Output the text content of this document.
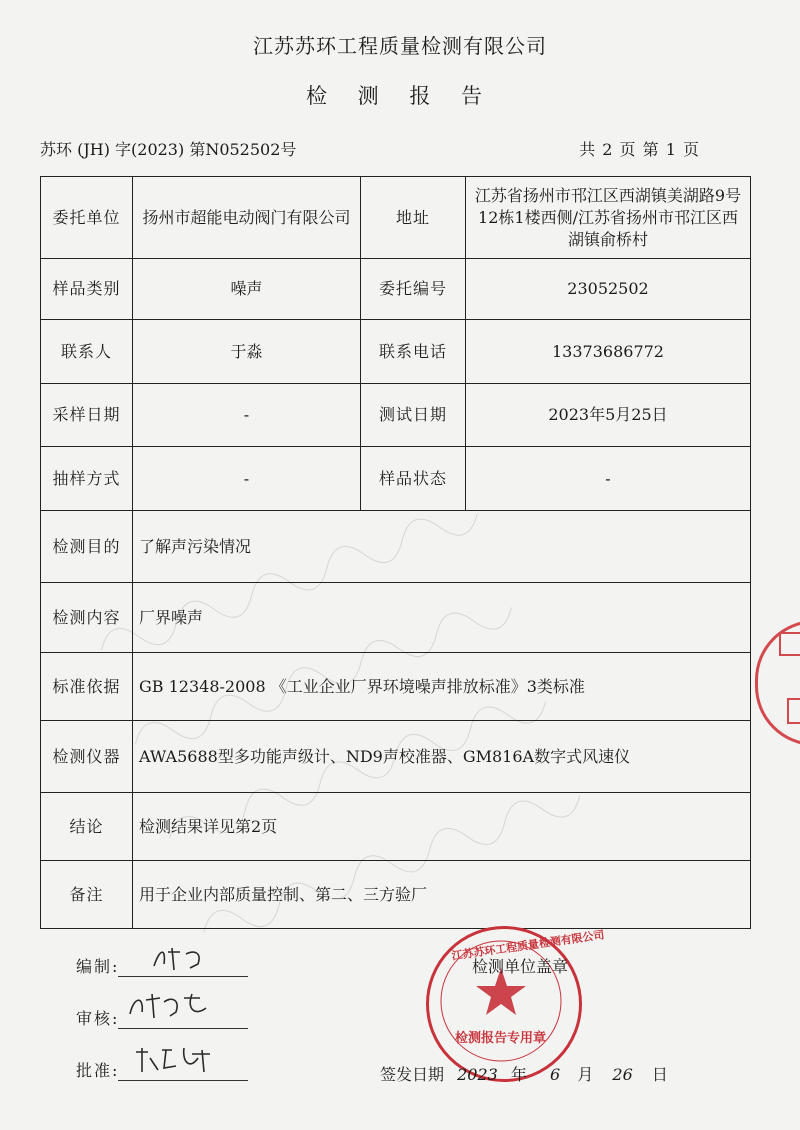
江苏苏环工程质量检测有限公司
检 测 报 告
苏环 (JH) 字(2023) 第N052502号	共 2 页 第 1 页
委托单位	扬州市超能电动阀门有限公司	地址	江苏省扬州市邗江区西湖镇美湖路9号12栋1楼西侧/江苏省扬州市邗江区西湖镇俞桥村
样品类别	噪声	委托编号	23052502
联系人	于淼	联系电话	13373686772
采样日期	-	测试日期	2023年5月25日
抽样方式	-	样品状态	-
检测目的	了解声污染情况		
检测内容	厂界噪声		
标准依据	GB 12348-2008 《工业企业厂界环境噪声排放标准》3类标准		
检测仪器	AWA5688型多功能声级计、ND9声校准器、GM816A数字式风速仪		
结论	检测结果详见第2页		
备注	用于企业内部质量控制、第二、三方验厂		
编制:
审核:
批准:
江苏苏环工程质量检测有限公司
检测报告专用章
检测单位盖章
签发日期 2023 年 6 月 26 日
